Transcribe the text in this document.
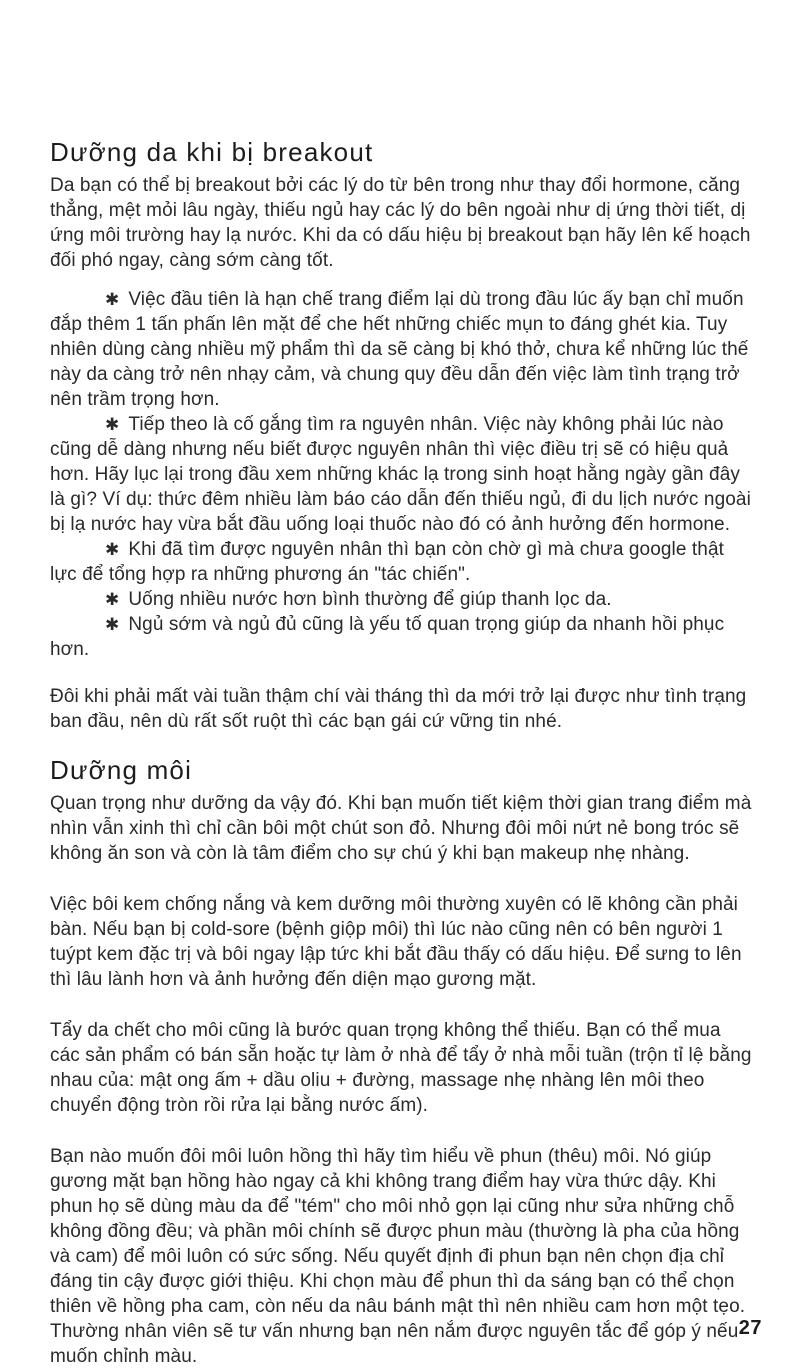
Dưỡng da khi bị breakout

Da bạn có thể bị breakout bởi các lý do từ bên trong như thay đổi hormone, căng thẳng, mệt mỏi lâu ngày, thiếu ngủ hay các lý do bên ngoài như dị ứng thời tiết, dị ứng môi trường hay lạ nước. Khi da có dấu hiệu bị breakout bạn hãy lên kế hoạch đối phó ngay, càng sớm càng tốt.

✱ Việc đầu tiên là hạn chế trang điểm lại dù trong đầu lúc ấy bạn chỉ muốn đắp thêm 1 tấn phấn lên mặt để che hết những chiếc mụn to đáng ghét kia. Tuy nhiên dùng càng nhiều mỹ phẩm thì da sẽ càng bị khó thở, chưa kể những lúc thế này da càng trở nên nhạy cảm, và chung quy đều dẫn đến việc làm tình trạng trở nên trầm trọng hơn.

✱ Tiếp theo là cố gắng tìm ra nguyên nhân. Việc này không phải lúc nào cũng dễ dàng nhưng nếu biết được nguyên nhân thì việc điều trị sẽ có hiệu quả hơn. Hãy lục lại trong đầu xem những khác lạ trong sinh hoạt hằng ngày gần đây là gì? Ví dụ: thức đêm nhiều làm báo cáo dẫn đến thiếu ngủ, đi du lịch nước ngoài bị lạ nước hay vừa bắt đầu uống loại thuốc nào đó có ảnh hưởng đến hormone.

✱ Khi đã tìm được nguyên nhân thì bạn còn chờ gì mà chưa google thật lực để tổng hợp ra những phương án "tác chiến".

✱ Uống nhiều nước hơn bình thường để giúp thanh lọc da.

✱ Ngủ sớm và ngủ đủ cũng là yếu tố quan trọng giúp da nhanh hồi phục hơn.

Đôi khi phải mất vài tuần thậm chí vài tháng thì da mới trở lại được như tình trạng ban đầu, nên dù rất sốt ruột thì các bạn gái cứ vững tin nhé.

Dưỡng môi

Quan trọng như dưỡng da vậy đó. Khi bạn muốn tiết kiệm thời gian trang điểm mà nhìn vẫn xinh thì chỉ cần bôi một chút son đỏ. Nhưng đôi môi nứt nẻ bong tróc sẽ không ăn son và còn là tâm điểm cho sự chú ý khi bạn makeup nhẹ nhàng.

Việc bôi kem chống nắng và kem dưỡng môi thường xuyên có lẽ không cần phải bàn. Nếu bạn bị cold-sore (bệnh giộp môi) thì lúc nào cũng nên có bên người 1 tuýpt kem đặc trị và bôi ngay lập tức khi bắt đầu thấy có dấu hiệu. Để sưng to lên thì lâu lành hơn và ảnh hưởng đến diện mạo gương mặt.

Tẩy da chết cho môi cũng là bước quan trọng không thể thiếu. Bạn có thể mua các sản phẩm có bán sẵn hoặc tự làm ở nhà để tẩy ở nhà mỗi tuần (trộn tỉ lệ bằng nhau của: mật ong ấm + dầu oliu + đường, massage nhẹ nhàng lên môi theo chuyển động tròn rồi rửa lại bằng nước ấm).

Bạn nào muốn đôi môi luôn hồng thì hãy tìm hiểu về phun (thêu) môi. Nó giúp gương mặt bạn hồng hào ngay cả khi không trang điểm hay vừa thức dậy. Khi phun họ sẽ dùng màu da để "tém" cho môi nhỏ gọn lại cũng như sửa những chỗ không đồng đều; và phần môi chính sẽ được phun màu (thường là pha của hồng và cam) để môi luôn có sức sống. Nếu quyết định đi phun bạn nên chọn địa chỉ đáng tin cậy được giới thiệu. Khi chọn màu để phun thì da sáng bạn có thể chọn thiên về hồng pha cam, còn nếu da nâu bánh mật thì nên nhiều cam hơn một tẹo. Thường nhân viên sẽ tư vấn nhưng bạn nên nắm được nguyên tắc để góp ý nếu muốn chỉnh màu.

27
